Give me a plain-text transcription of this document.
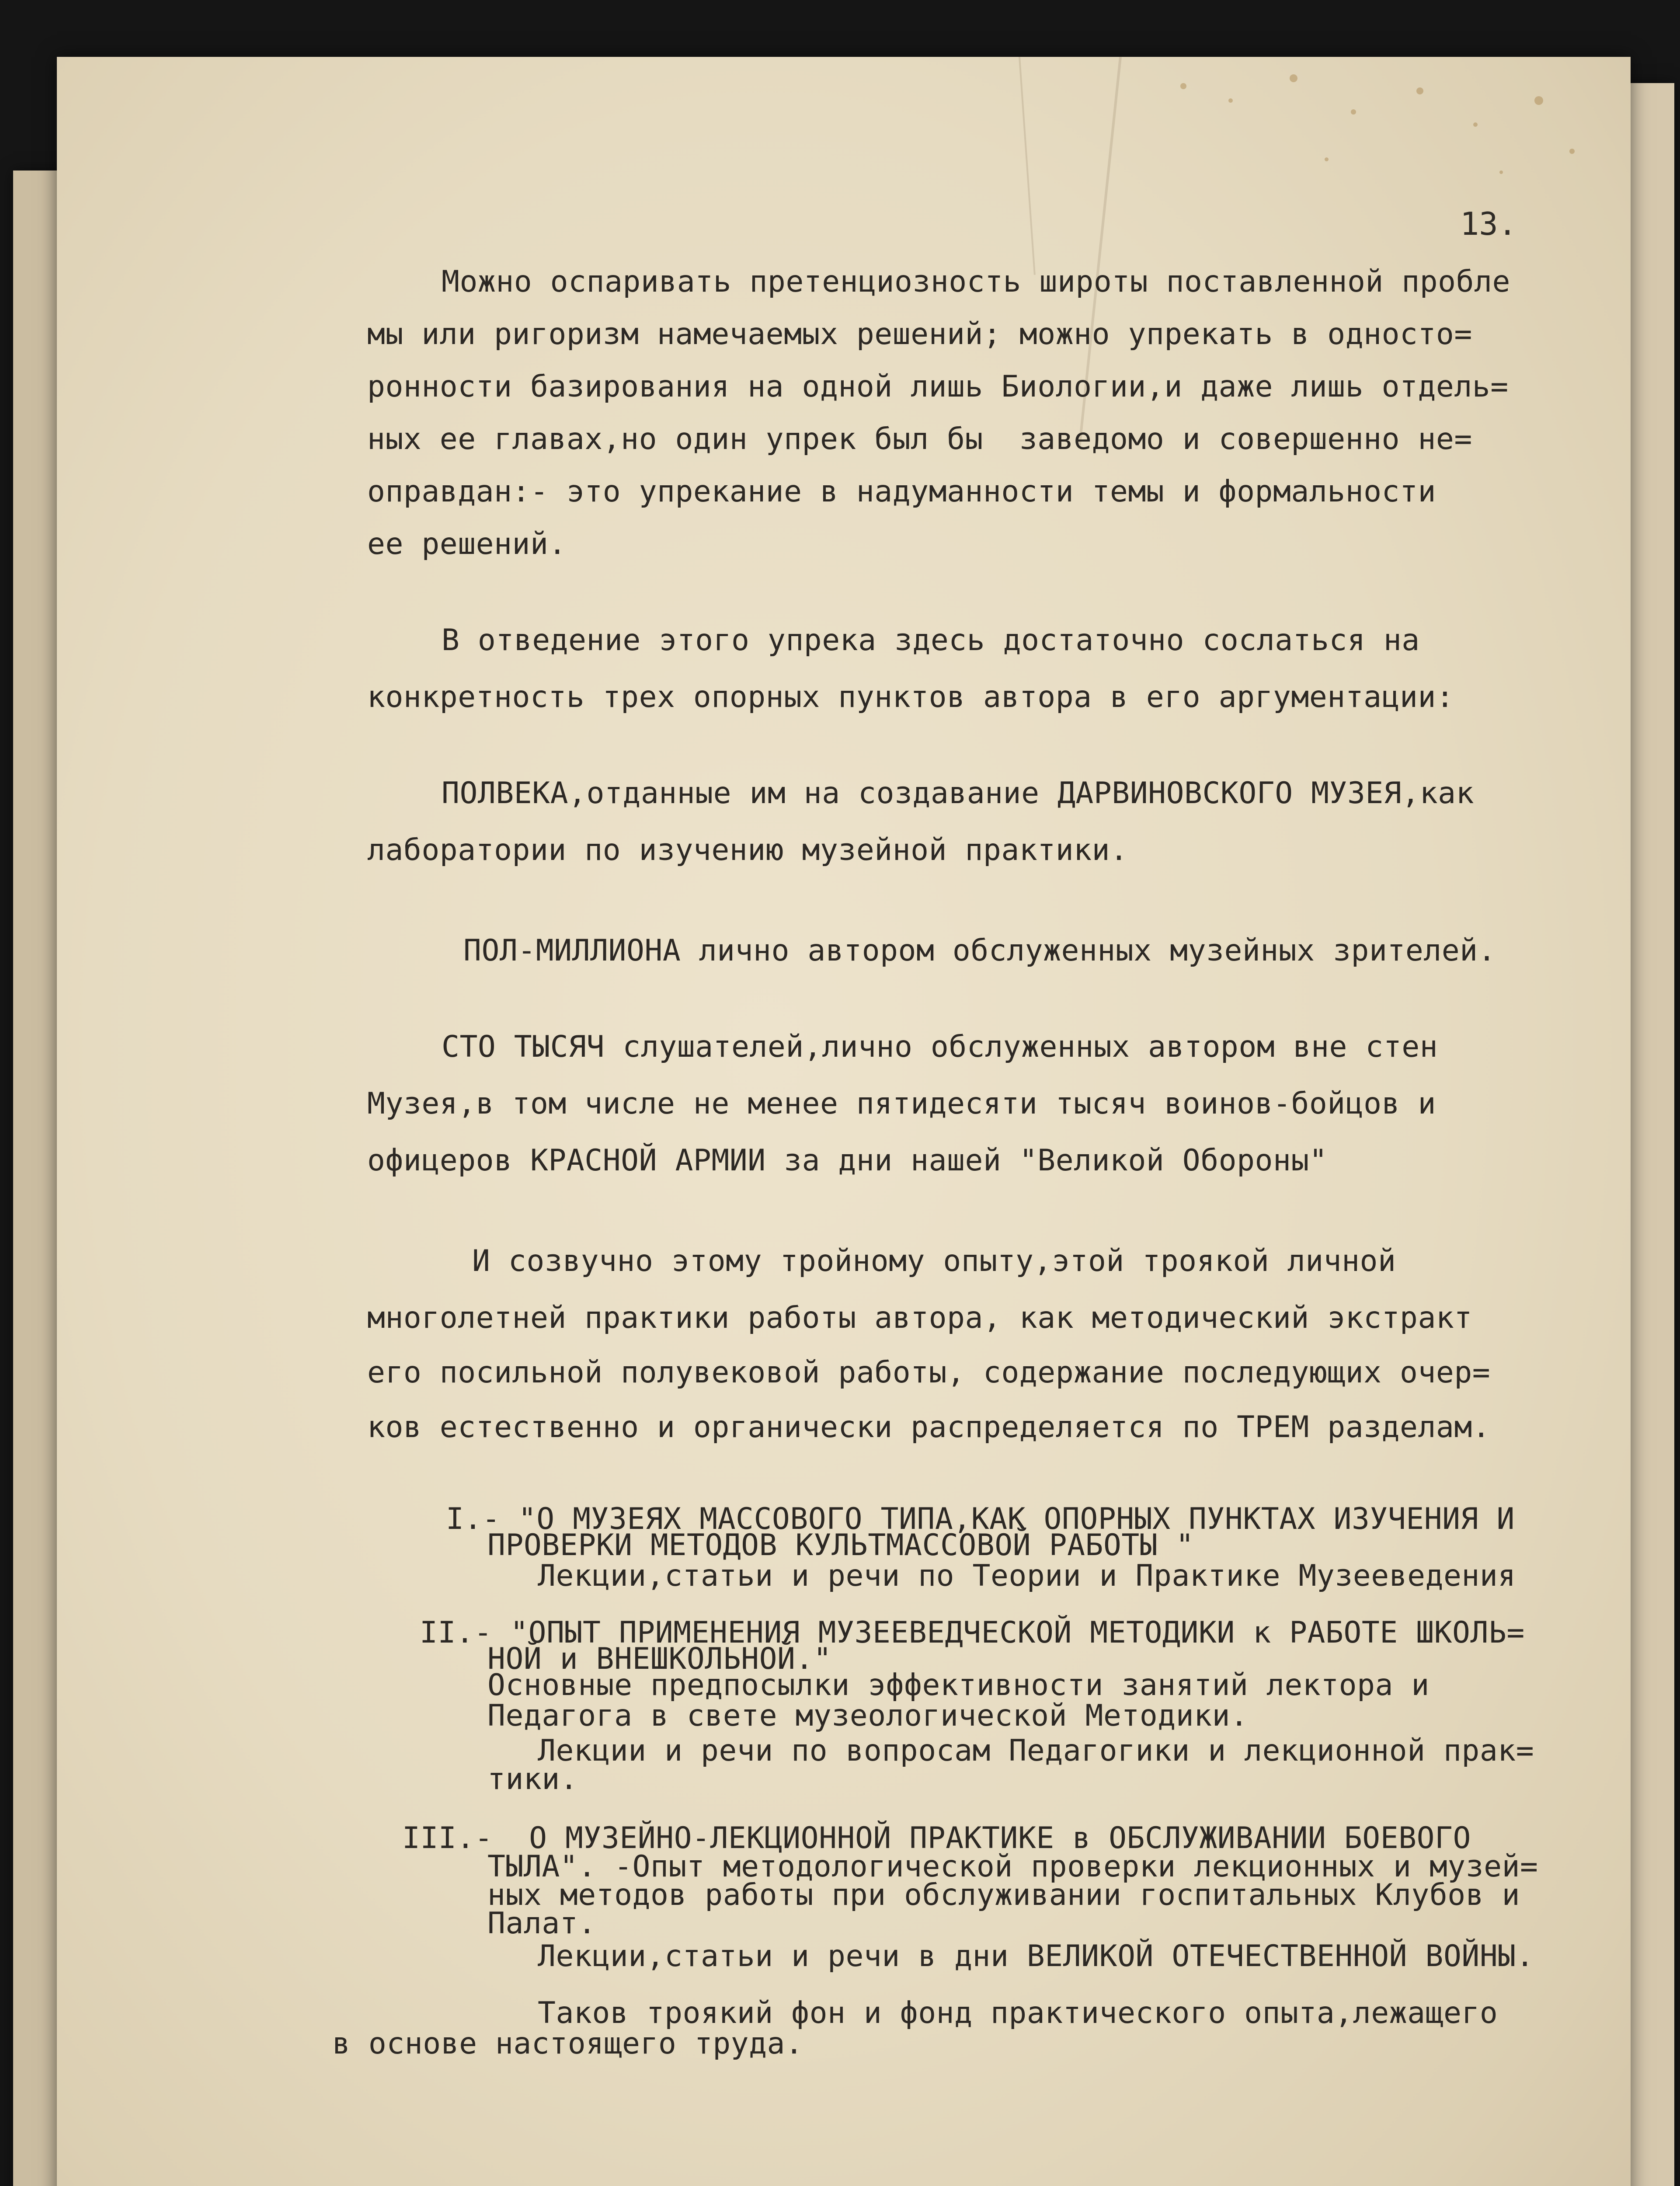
13.
Можно оспаривать претенциозность широты поставленной пробле
мы или ригоризм намечаемых решений; можно упрекать в односто=
ронности базирования на одной лишь Биологии,и даже лишь отдель=
ных ее главах,но один упрек был бы  заведомо и совершенно не=
оправдан:- это упрекание в надуманности темы и формальности
ее решений.
В отведение этого упрека здесь достаточно сослаться на
конкретность трех опорных пунктов автора в его аргументации:
ПОЛВЕКА,отданные им на создавание ДАРВИНОВСКОГО МУЗЕЯ,как
лаборатории по изучению музейной практики.
ПОЛ-МИЛЛИОНА лично автором обслуженных музейных зрителей.
СТО ТЫСЯЧ слушателей,лично обслуженных автором вне стен
Музея,в том числе не менее пятидесяти тысяч воинов-бойцов и
офицеров КРАСНОЙ АРМИИ за дни нашей "Великой Обороны"
И созвучно этому тройному опыту,этой троякой личной
многолетней практики работы автора, как методический экстракт
его посильной полувековой работы, содержание последующих очер=
ков естественно и органически распределяется по ТРЕМ разделам.
I.- "О МУЗЕЯХ МАССОВОГО ТИПА,КАК ОПОРНЫХ ПУНКТАХ ИЗУЧЕНИЯ И
ПРОВЕРКИ МЕТОДОВ КУЛЬТМАССОВОЙ РАБОТЫ "
Лекции,статьи и речи по Теории и Практике Музееведения
II.- "ОПЫТ ПРИМЕНЕНИЯ МУЗЕЕВЕДЧЕСКОЙ МЕТОДИКИ к РАБОТЕ ШКОЛЬ=
НОЙ и ВНЕШКОЛЬНОЙ."
Основные предпосылки эффективности занятий лектора и
Педагога в свете музеологической Методики.
Лекции и речи по вопросам Педагогики и лекционной прак=
тики.
III.-  О МУЗЕЙНО-ЛЕКЦИОННОЙ ПРАКТИКЕ в ОБСЛУЖИВАНИИ БОЕВОГО
ТЫЛА". -Опыт методологической проверки лекционных и музей=
ных методов работы при обслуживании госпитальных Клубов и
Палат.
Лекции,статьи и речи в дни ВЕЛИКОЙ ОТЕЧЕСТВЕННОЙ ВОЙНЫ.
Таков троякий фон и фонд практического опыта,лежащего
в основе настоящего труда.
